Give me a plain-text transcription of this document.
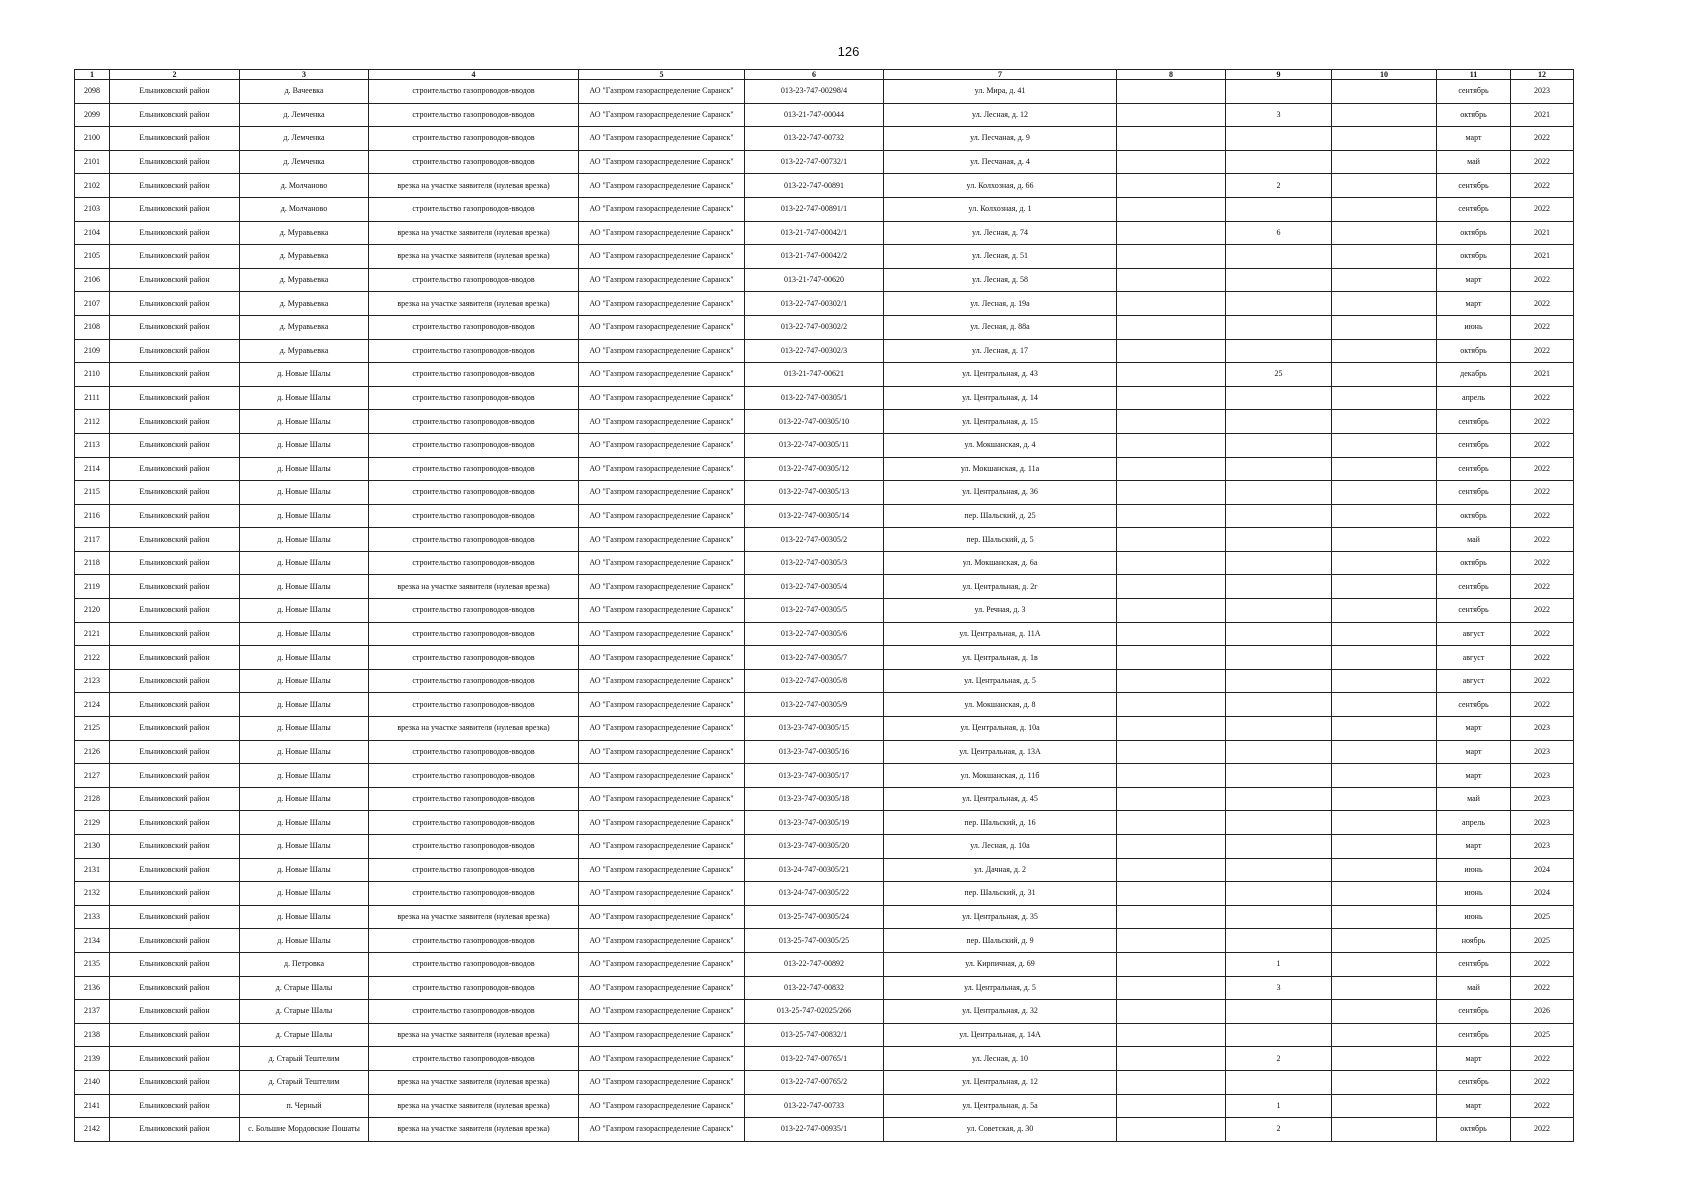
126
1	2	3	4	5	6	7	8	9	10	11	12
2098	Ельниковский район	д. Вачеевка	строительство газопроводов-вводов	АО "Газпром газораспределение Саранск"	013-23-747-00298/4	ул. Мира, д. 41				сентябрь	2023
2099	Ельниковский район	д. Лемченка	строительство газопроводов-вводов	АО "Газпром газораспределение Саранск"	013-21-747-00044	ул. Лесная, д. 12		3		октябрь	2021
2100	Ельниковский район	д. Лемченка	строительство газопроводов-вводов	АО "Газпром газораспределение Саранск"	013-22-747-00732	ул. Песчаная, д. 9				март	2022
2101	Ельниковский район	д. Лемченка	строительство газопроводов-вводов	АО "Газпром газораспределение Саранск"	013-22-747-00732/1	ул. Песчаная, д. 4				май	2022
2102	Ельниковский район	д. Молчаново	врезка на участке заявителя (нулевая врезка)	АО "Газпром газораспределение Саранск"	013-22-747-00891	ул. Колхозная, д. 66		2		сентябрь	2022
2103	Ельниковский район	д. Молчаново	строительство газопроводов-вводов	АО "Газпром газораспределение Саранск"	013-22-747-00891/1	ул. Колхозная, д. 1				сентябрь	2022
2104	Ельниковский район	д. Муравьевка	врезка на участке заявителя (нулевая врезка)	АО "Газпром газораспределение Саранск"	013-21-747-00042/1	ул. Лесная, д. 74		6		октябрь	2021
2105	Ельниковский район	д. Муравьевка	врезка на участке заявителя (нулевая врезка)	АО "Газпром газораспределение Саранск"	013-21-747-00042/2	ул. Лесная, д. 51				октябрь	2021
2106	Ельниковский район	д. Муравьевка	строительство газопроводов-вводов	АО "Газпром газораспределение Саранск"	013-21-747-00620	ул. Лесная, д. 58				март	2022
2107	Ельниковский район	д. Муравьевка	врезка на участке заявителя (нулевая врезка)	АО "Газпром газораспределение Саранск"	013-22-747-00302/1	ул. Лесная, д. 19а				март	2022
2108	Ельниковский район	д. Муравьевка	строительство газопроводов-вводов	АО "Газпром газораспределение Саранск"	013-22-747-00302/2	ул. Лесная, д. 88а				июнь	2022
2109	Ельниковский район	д. Муравьевка	строительство газопроводов-вводов	АО "Газпром газораспределение Саранск"	013-22-747-00302/3	ул. Лесная, д. 17				октябрь	2022
2110	Ельниковский район	д. Новые Шалы	строительство газопроводов-вводов	АО "Газпром газораспределение Саранск"	013-21-747-00621	ул. Центральная, д. 43		25		декабрь	2021
2111	Ельниковский район	д. Новые Шалы	строительство газопроводов-вводов	АО "Газпром газораспределение Саранск"	013-22-747-00305/1	ул. Центральная, д. 14				апрель	2022
2112	Ельниковский район	д. Новые Шалы	строительство газопроводов-вводов	АО "Газпром газораспределение Саранск"	013-22-747-00305/10	ул. Центральная, д. 15				сентябрь	2022
2113	Ельниковский район	д. Новые Шалы	строительство газопроводов-вводов	АО "Газпром газораспределение Саранск"	013-22-747-00305/11	ул. Мокшанская, д. 4				сентябрь	2022
2114	Ельниковский район	д. Новые Шалы	строительство газопроводов-вводов	АО "Газпром газораспределение Саранск"	013-22-747-00305/12	ул. Мокшанская, д. 11а				сентябрь	2022
2115	Ельниковский район	д. Новые Шалы	строительство газопроводов-вводов	АО "Газпром газораспределение Саранск"	013-22-747-00305/13	ул. Центральная, д. 36				сентябрь	2022
2116	Ельниковский район	д. Новые Шалы	строительство газопроводов-вводов	АО "Газпром газораспределение Саранск"	013-22-747-00305/14	пер. Шальский, д. 25				октябрь	2022
2117	Ельниковский район	д. Новые Шалы	строительство газопроводов-вводов	АО "Газпром газораспределение Саранск"	013-22-747-00305/2	пер. Шальский, д. 5				май	2022
2118	Ельниковский район	д. Новые Шалы	строительство газопроводов-вводов	АО "Газпром газораспределение Саранск"	013-22-747-00305/3	ул. Мокшанская, д. 6а				октябрь	2022
2119	Ельниковский район	д. Новые Шалы	врезка на участке заявителя (нулевая врезка)	АО "Газпром газораспределение Саранск"	013-22-747-00305/4	ул. Центральная, д. 2г				сентябрь	2022
2120	Ельниковский район	д. Новые Шалы	строительство газопроводов-вводов	АО "Газпром газораспределение Саранск"	013-22-747-00305/5	ул. Речная, д. 3				сентябрь	2022
2121	Ельниковский район	д. Новые Шалы	строительство газопроводов-вводов	АО "Газпром газораспределение Саранск"	013-22-747-00305/6	ул. Центральная, д. 11А				август	2022
2122	Ельниковский район	д. Новые Шалы	строительство газопроводов-вводов	АО "Газпром газораспределение Саранск"	013-22-747-00305/7	ул. Центральная, д. 1в				август	2022
2123	Ельниковский район	д. Новые Шалы	строительство газопроводов-вводов	АО "Газпром газораспределение Саранск"	013-22-747-00305/8	ул. Центральная, д. 5				август	2022
2124	Ельниковский район	д. Новые Шалы	строительство газопроводов-вводов	АО "Газпром газораспределение Саранск"	013-22-747-00305/9	ул. Мокшанская, д. 8				сентябрь	2022
2125	Ельниковский район	д. Новые Шалы	врезка на участке заявителя (нулевая врезка)	АО "Газпром газораспределение Саранск"	013-23-747-00305/15	ул. Центральная, д. 10а				март	2023
2126	Ельниковский район	д. Новые Шалы	строительство газопроводов-вводов	АО "Газпром газораспределение Саранск"	013-23-747-00305/16	ул. Центральная, д. 13А				март	2023
2127	Ельниковский район	д. Новые Шалы	строительство газопроводов-вводов	АО "Газпром газораспределение Саранск"	013-23-747-00305/17	ул. Мокшанская, д. 11б				март	2023
2128	Ельниковский район	д. Новые Шалы	строительство газопроводов-вводов	АО "Газпром газораспределение Саранск"	013-23-747-00305/18	ул. Центральная, д. 45				май	2023
2129	Ельниковский район	д. Новые Шалы	строительство газопроводов-вводов	АО "Газпром газораспределение Саранск"	013-23-747-00305/19	пер. Шальский, д. 16				апрель	2023
2130	Ельниковский район	д. Новые Шалы	строительство газопроводов-вводов	АО "Газпром газораспределение Саранск"	013-23-747-00305/20	ул. Лесная, д. 10а				март	2023
2131	Ельниковский район	д. Новые Шалы	строительство газопроводов-вводов	АО "Газпром газораспределение Саранск"	013-24-747-00305/21	ул. Дачная, д. 2				июнь	2024
2132	Ельниковский район	д. Новые Шалы	строительство газопроводов-вводов	АО "Газпром газораспределение Саранск"	013-24-747-00305/22	пер. Шальский, д. 31				июнь	2024
2133	Ельниковский район	д. Новые Шалы	врезка на участке заявителя (нулевая врезка)	АО "Газпром газораспределение Саранск"	013-25-747-00305/24	ул. Центральная, д. 35				июнь	2025
2134	Ельниковский район	д. Новые Шалы	строительство газопроводов-вводов	АО "Газпром газораспределение Саранск"	013-25-747-00305/25	пер. Шальский, д. 9				ноябрь	2025
2135	Ельниковский район	д. Петровка	строительство газопроводов-вводов	АО "Газпром газораспределение Саранск"	013-22-747-00892	ул. Кирпичная, д. 69		1		сентябрь	2022
2136	Ельниковский район	д. Старые Шалы	строительство газопроводов-вводов	АО "Газпром газораспределение Саранск"	013-22-747-00832	ул. Центральная, д. 5		3		май	2022
2137	Ельниковский район	д. Старые Шалы	строительство газопроводов-вводов	АО "Газпром газораспределение Саранск"	013-25-747-02025/266	ул. Центральная, д. 32				сентябрь	2026
2138	Ельниковский район	д. Старые Шалы	врезка на участке заявителя (нулевая врезка)	АО "Газпром газораспределение Саранск"	013-25-747-00832/1	ул. Центральная, д. 14А				сентябрь	2025
2139	Ельниковский район	д. Старый Тештелим	строительство газопроводов-вводов	АО "Газпром газораспределение Саранск"	013-22-747-00765/1	ул. Лесная, д. 10		2		март	2022
2140	Ельниковский район	д. Старый Тештелим	врезка на участке заявителя (нулевая врезка)	АО "Газпром газораспределение Саранск"	013-22-747-00765/2	ул. Центральная, д. 12				сентябрь	2022
2141	Ельниковский район	п. Черный	врезка на участке заявителя (нулевая врезка)	АО "Газпром газораспределение Саранск"	013-22-747-00733	ул. Центральная, д. 5а		1		март	2022
2142	Ельниковский район	с. Большие Мордовские Пошаты	врезка на участке заявителя (нулевая врезка)	АО "Газпром газораспределение Саранск"	013-22-747-00935/1	ул. Советская, д. 30		2		октябрь	2022
